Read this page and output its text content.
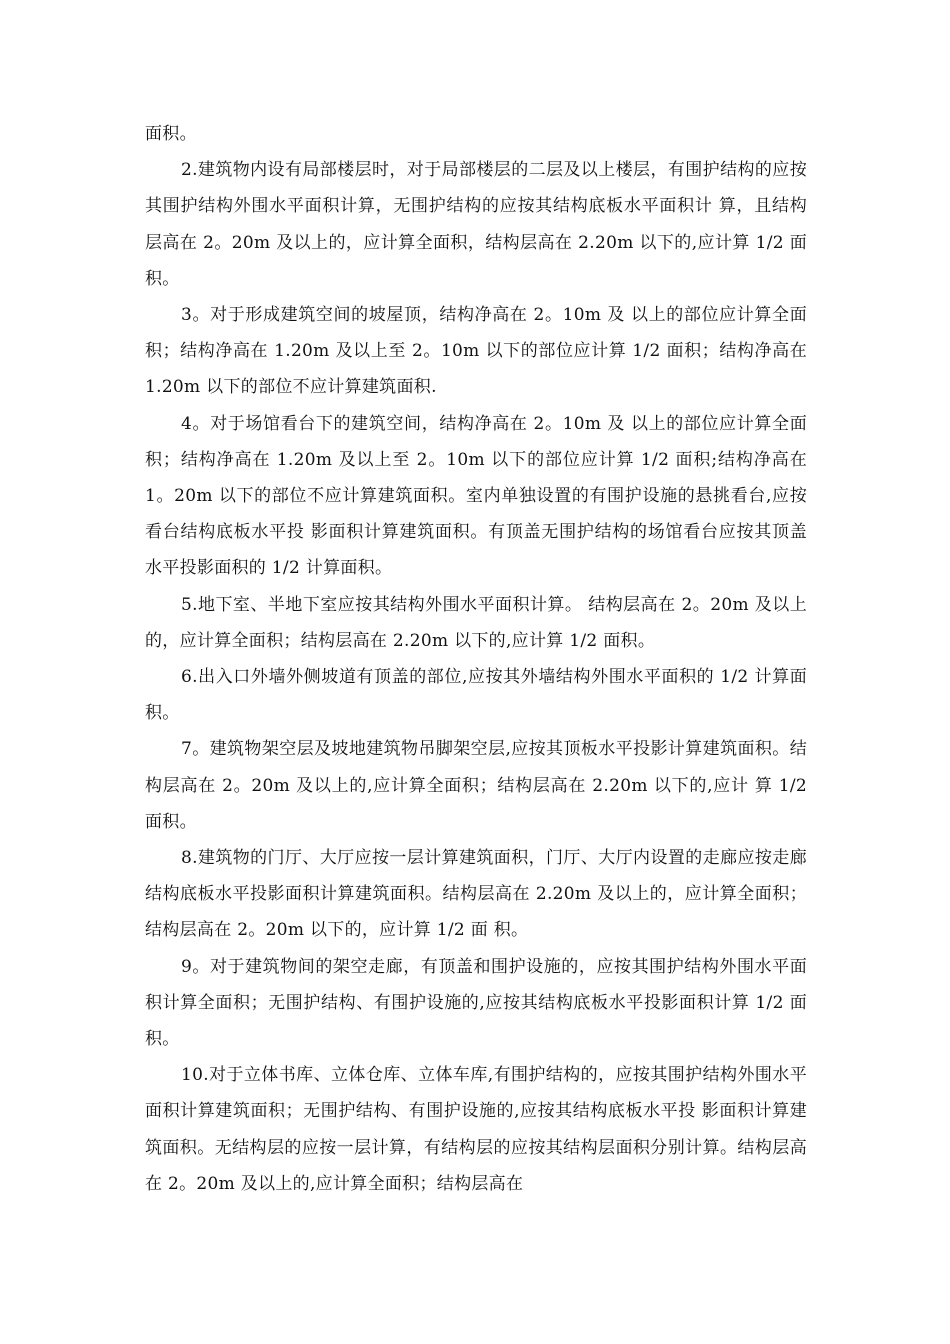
面积。

2.建筑物内设有局部楼层时，对于局部楼层的二层及以上楼层，有围护结构的应按其围护结构外围水平面积计算，无围护结构的应按其结构底板水平面积计 算，且结构层高在 2。20m 及以上的，应计算全面积，结构层高在 2.20m 以下的,应计算 1/2 面积。

3。对于形成建筑空间的坡屋顶，结构净高在 2。10m 及 以上的部位应计算全面积；结构净高在 1.20m 及以上至 2。10m 以下的部位应计算 1/2 面积；结构净高在 1.20m 以下的部位不应计算建筑面积.

4。对于场馆看台下的建筑空间，结构净高在 2。10m 及 以上的部位应计算全面积；结构净高在 1.20m 及以上至 2。10m 以下的部位应计算 1/2 面积;结构净高在 1。20m 以下的部位不应计算建筑面积。室内单独设置的有围护设施的悬挑看台,应按看台结构底板水平投 影面积计算建筑面积。有顶盖无围护结构的场馆看台应按其顶盖水平投影面积的 1/2 计算面积。

5.地下室、半地下室应按其结构外围水平面积计算。 结构层高在 2。20m 及以上的，应计算全面积；结构层高在 2.20m 以下的,应计算 1/2 面积。

6.出入口外墙外侧坡道有顶盖的部位,应按其外墙结构外围水平面积的 1/2 计算面积。

7。建筑物架空层及坡地建筑物吊脚架空层,应按其顶板水平投影计算建筑面积。结构层高在 2。20m 及以上的,应计算全面积；结构层高在 2.20m 以下的,应计 算 1/2 面积。

8.建筑物的门厅、大厅应按一层计算建筑面积，门厅、大厅内设置的走廊应按走廊结构底板水平投影面积计算建筑面积。结构层高在 2.20m 及以上的，应计算全面积；结构层高在 2。20m 以下的，应计算 1/2 面 积。

9。对于建筑物间的架空走廊，有顶盖和围护设施的，应按其围护结构外围水平面积计算全面积；无围护结构、有围护设施的,应按其结构底板水平投影面积计算 1/2 面积。

10.对于立体书库、立体仓库、立体车库,有围护结构的，应按其围护结构外围水平面积计算建筑面积；无围护结构、有围护设施的,应按其结构底板水平投 影面积计算建筑面积。无结构层的应按一层计算，有结构层的应按其结构层面积分别计算。结构层高在 2。20m 及以上的,应计算全面积；结构层高在
